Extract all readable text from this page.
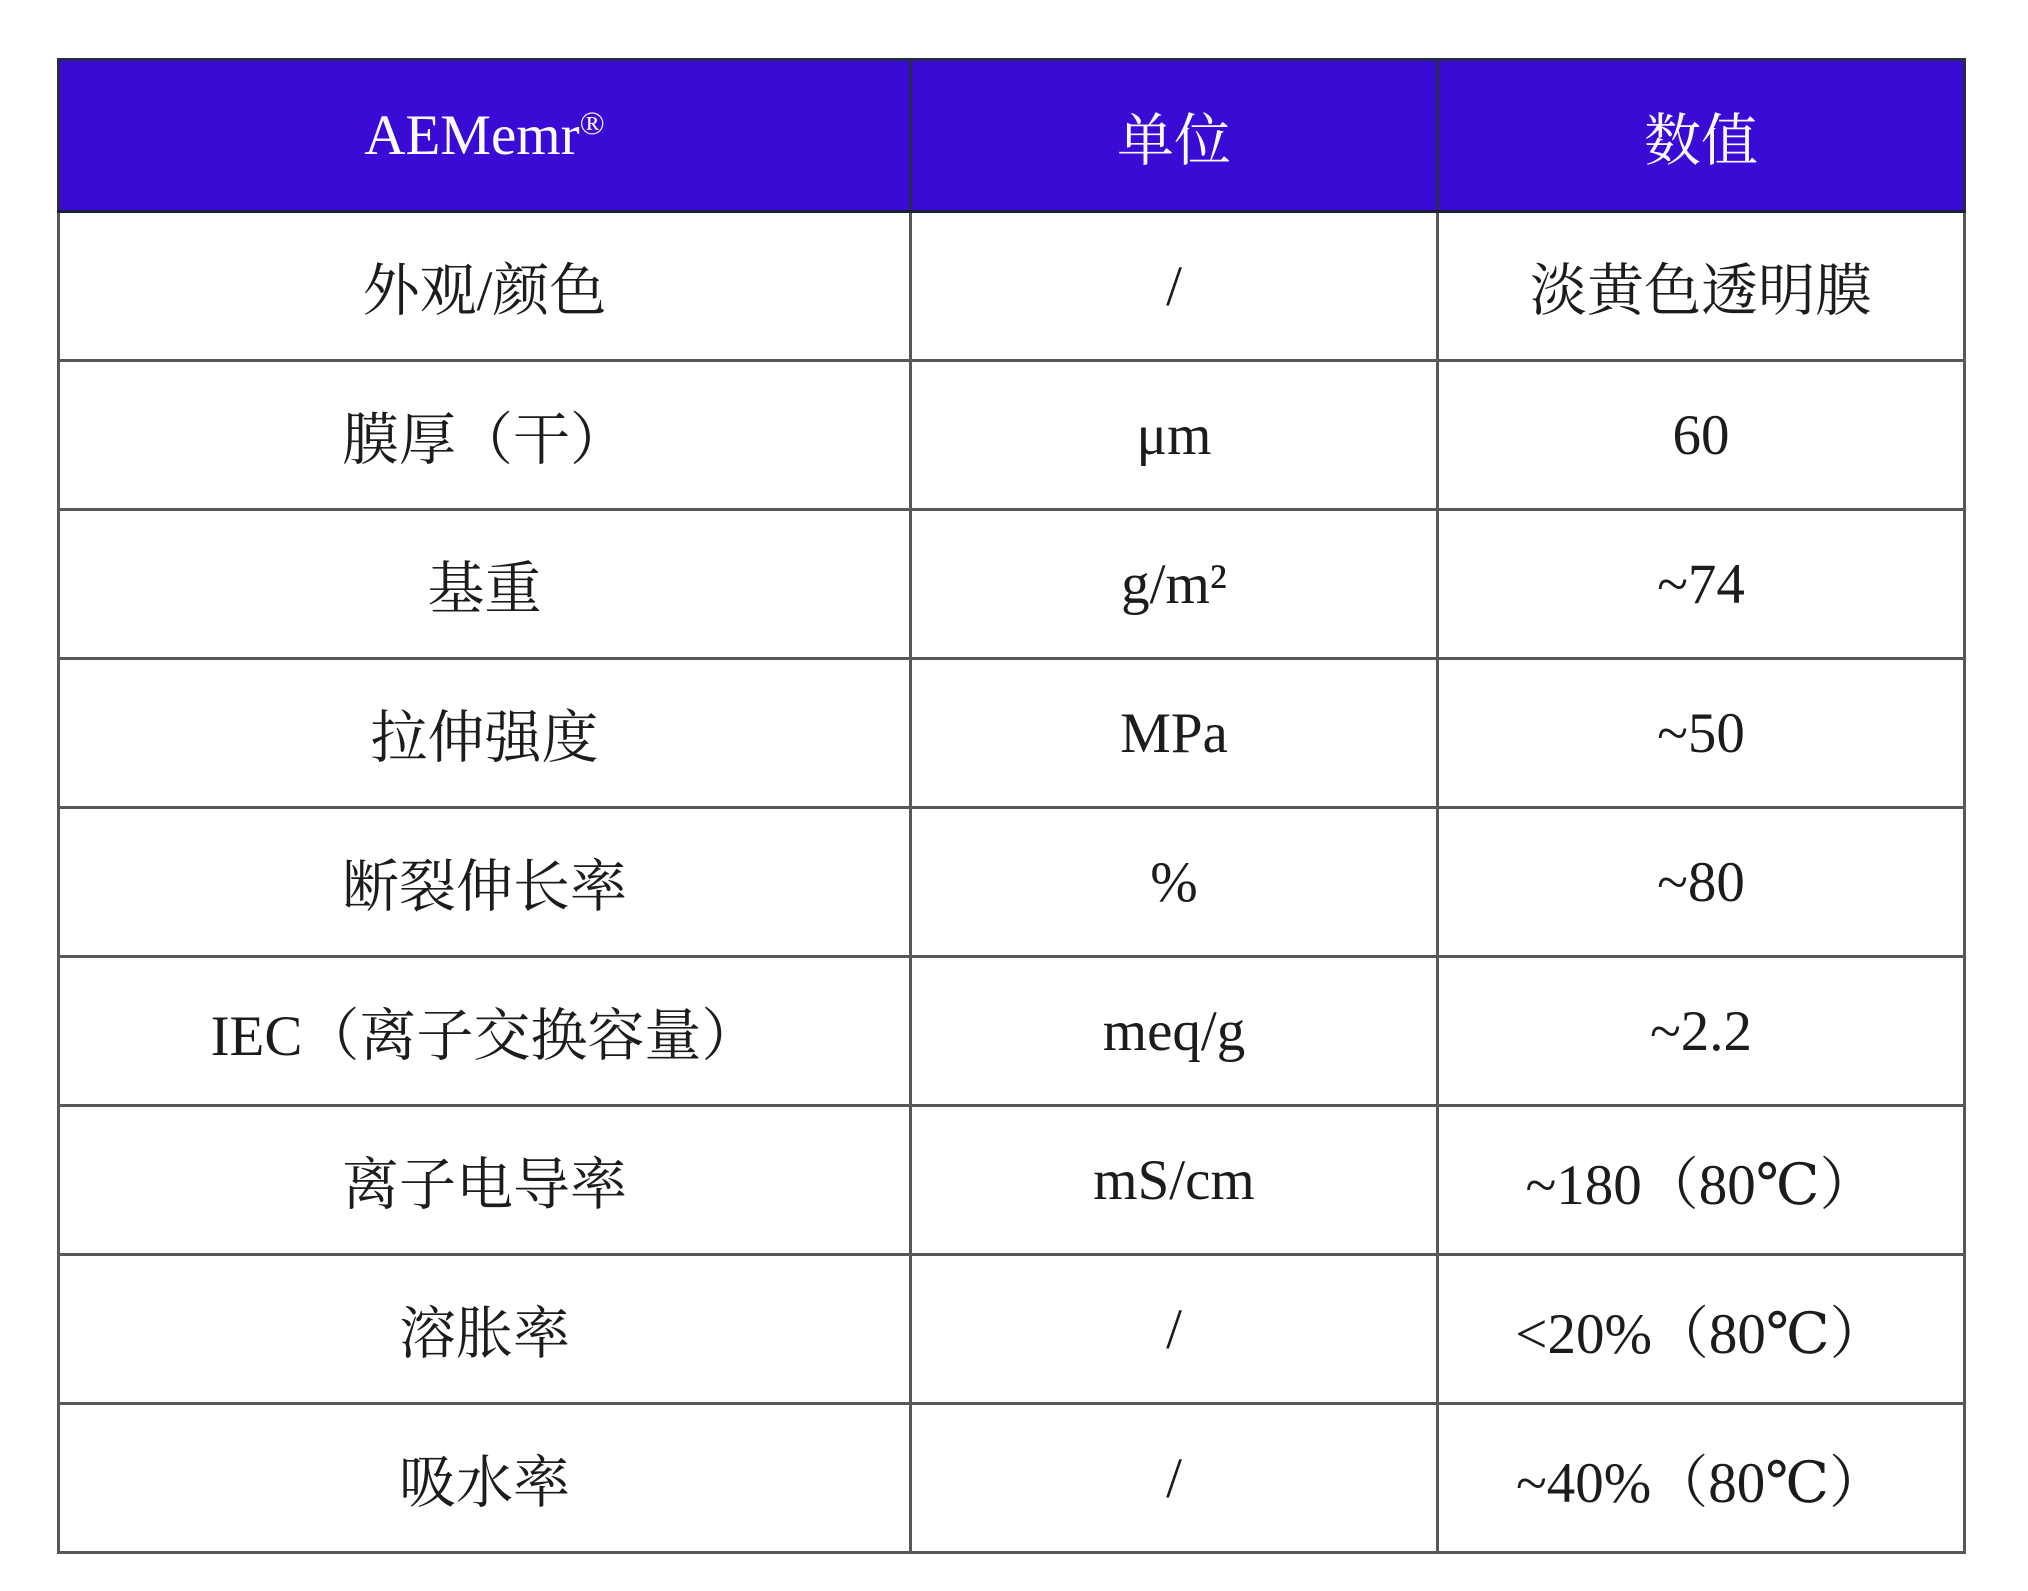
AEMemr®	单位	数值
外观/颜色	/	淡黄色透明膜
膜厚（干）	μm	60
基重	g/m²	~74
拉伸强度	MPa	~50
断裂伸长率	%	~80
IEC（离子交换容量）	meq/g	~2.2
离子电导率	mS/cm	~180（80℃）
溶胀率	/	<20%（80℃）
吸水率	/	~40%（80℃）
